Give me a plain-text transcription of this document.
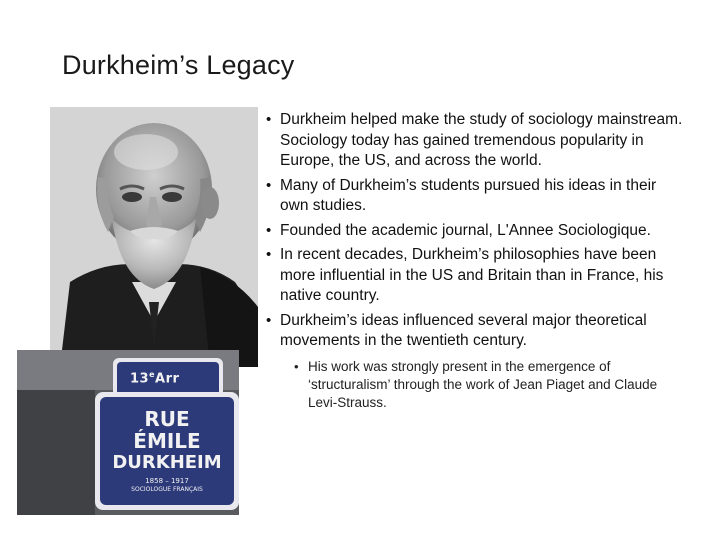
Durkheim’s Legacy
13eArr
RUE
ÉMILE
DURKHEIM
1858 – 1917
SOCIOLOGUE FRANÇAIS
• Durkheim helped make the study of sociology mainstream. Sociology today has gained tremendous popularity in Europe, the US, and across the world.
• Many of Durkheim’s students pursued his ideas in their own studies.
• Founded the academic journal, L'Annee Sociologique.
• In recent decades, Durkheim’s philosophies have been more influential in the US and Britain than in France, his native country.
• Durkheim’s ideas influenced several major theoretical movements in the twentieth century.
• His work was strongly present in the emergence of ‘structuralism’ through the work of Jean Piaget and Claude Levi-Strauss.
